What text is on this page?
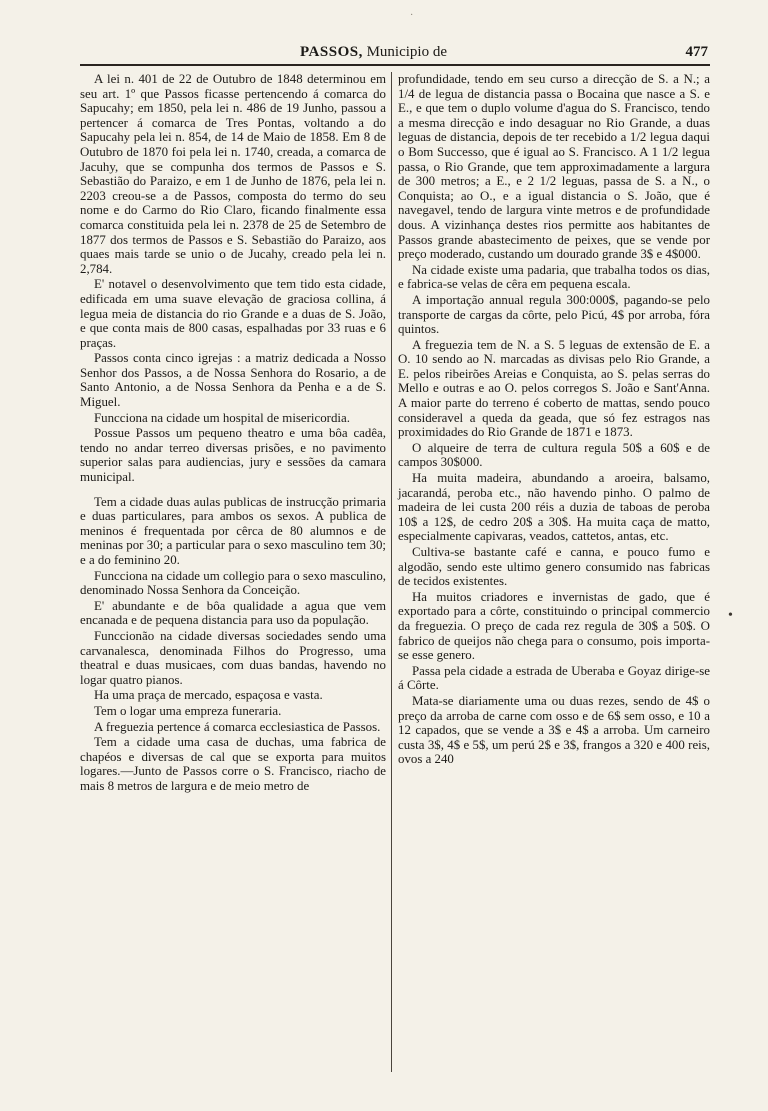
PASSOS, Municipio de	477

A lei n. 401 de 22 de Outubro de 1848 determinou em seu art. 1º que Passos ficasse pertencendo á comarca do Sapucahy; em 1850, pela lei n. 486 de 19 Junho, passou a pertencer á comarca de Tres Pontas, voltando a do Sapucahy pela lei n. 854, de 14 de Maio de 1858. Em 8 de Outubro de 1870 foi pela lei n. 1740, creada, a comarca de Jacuhy, que se compunha dos termos de Passos e S. Sebastião do Paraizo, e em 1 de Junho de 1876, pela lei n. 2203 creou-se a de Passos, composta do termo do seu nome e do Carmo do Rio Claro, ficando finalmente essa comarca constituida pela lei n. 2378 de 25 de Setembro de 1877 dos termos de Passos e S. Sebastião do Paraizo, aos quaes mais tarde se unio o de Jucahy, creado pela lei n. 2,784.

E' notavel o desenvolvimento que tem tido esta cidade, edificada em uma suave elevação de graciosa collina, á legua meia de distancia do rio Grande e a duas de S. João, e que conta mais de 800 casas, espalhadas por 33 ruas e 6 praças.

Passos conta cinco igrejas : a matriz dedicada a Nosso Senhor dos Passos, a de Nossa Senhora do Rosario, a de Santo Antonio, a de Nossa Senhora da Penha e a de S. Miguel.

Funcciona na cidade um hospital de misericordia.

Possue Passos um pequeno theatro e uma bôa cadêa, tendo no andar terreo diversas prisões, e no pavimento superior salas para audiencias, jury e sessões da camara municipal.

Tem a cidade duas aulas publicas de instrucção primaria e duas particulares, para ambos os sexos. A publica de meninos é frequentada por cêrca de 80 alumnos e de meninas por 30; a particular para o sexo masculino tem 30; e a do feminino 20.

Funcciona na cidade um collegio para o sexo masculino, denominado Nossa Senhora da Conceição.

E' abundante e de bôa qualidade a agua que vem encanada e de pequena distancia para uso da população.

Funccionão na cidade diversas sociedades sendo uma carvanalesca, denominada Filhos do Progresso, uma theatral e duas musicaes, com duas bandas, havendo no logar quatro pianos.

Ha uma praça de mercado, espaçosa e vasta.

Tem o logar uma empreza funeraria.

A freguezia pertence á comarca ecclesiastica de Passos.

Tem a cidade uma casa de duchas, uma fabrica de chapéos e diversas de cal que se exporta para muitos logares.—Junto de Passos corre o S. Francisco, riacho de mais 8 metros de largura e de meio metro de

profundidade, tendo em seu curso a direcção de S. a N.; a 1/4 de legua de distancia passa o Bocaina que nasce a S. e E., e que tem o duplo volume d'agua do S. Francisco, tendo a mesma direcção e indo desaguar no Rio Grande, a duas leguas de distancia, depois de ter recebido a 1/2 legua daqui o Bom Successo, que é igual ao S. Francisco. A 1 1/2 legua passa, o Rio Grande, que tem approximadamente a largura de 300 metros; a E., e 2 1/2 leguas, passa de S. a N., o Conquista; ao O., e a igual distancia o S. João, que é navegavel, tendo de largura vinte metros e de profundidade dous. A vizinhança destes rios permitte aos habitantes de Passos grande abastecimento de peixes, que se vende por preço moderado, custando um dourado grande 3$ e 4$000.

Na cidade existe uma padaria, que trabalha todos os dias, e fabrica-se velas de cêra em pequena escala.

A importação annual regula 300:000$, pagando-se pelo transporte de cargas da côrte, pelo Picú, 4$ por arroba, fóra quintos.

A freguezia tem de N. a S. 5 leguas de extensão de E. a O. 10 sendo ao N. marcadas as divisas pelo Rio Grande, a E. pelos ribeirões Areias e Conquista, ao S. pelas serras do Mello e outras e ao O. pelos corregos S. João e Sant'Anna. A maior parte do terreno é coberto de mattas, sendo pouco consideravel a queda da geada, que só fez estragos nas proximidades do Rio Grande de 1871 e 1873.

O alqueire de terra de cultura regula 50$ a 60$ e de campos 30$000.

Ha muita madeira, abundando a aroeira, balsamo, jacarandá, peroba etc., não havendo pinho. O palmo de madeira de lei custa 200 réis a duzia de taboas de peroba 10$ a 12$, de cedro 20$ a 30$. Ha muita caça de matto, especialmente capivaras, veados, cattetos, antas, etc.

Cultiva-se bastante café e canna, e pouco fumo e algodão, sendo este ultimo genero consumido nas fabricas de tecidos existentes.

Ha muitos criadores e invernistas de gado, que é exportado para a côrte, constituindo o principal commercio da freguezia. O preço de cada rez regula de 30$ a 50$. O fabrico de queijos não chega para o consumo, pois importa-se esse genero.

Passa pela cidade a estrada de Uberaba e Goyaz dirige-se á Côrte.

Mata-se diariamente uma ou duas rezes, sendo de 4$ o preço da arroba de carne com osso e de 6$ sem osso, e 10 a 12 capados, que se vende a 3$ e 4$ a arroba. Um carneiro custa 3$, 4$ e 5$, um perú 2$ e 3$, frangos a 320 e 400 reis, ovos a 240

·
•
